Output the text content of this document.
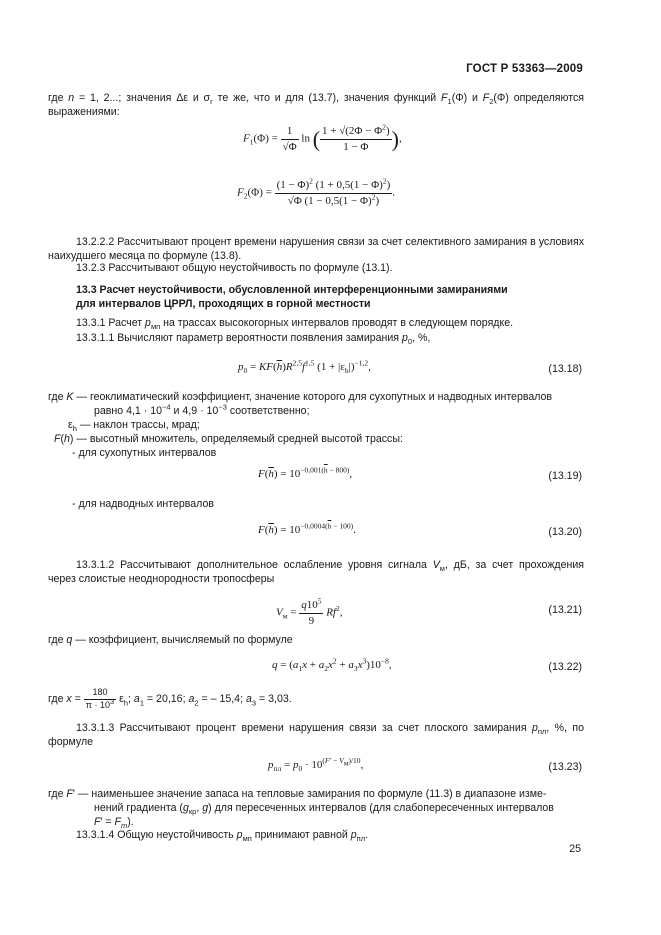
ГОСТ Р 53363—2009
где n = 1, 2...; значения Δε и $\sigma_г$ те же, что и для (13.7), значения функций $F_1(\Phi)$ и $F_2(\Phi)$ определяются выражениями:
$F_1(\Phi) = \frac{1}{√\Phi}$ ln ( $\frac{1 + √(2\Phi - \Phi^2)}{1 - \Phi}$ ),
$F_2(\Phi) = \frac{(1 - \Phi)^2 (1 + 0,5(1 - \Phi)^2)}{√\Phi (1 - 0,5(1 - \Phi)^2)}$ .
13.2.2.2 Рассчитывают процент времени нарушения связи за счет селективного замирания в условиях наихудшего месяца по формуле (13.8).
13.2.3 Рассчитывают общую неустойчивость по формуле (13.1).
13.3 Расчет неустойчивости, обусловленной интерференционными замираниями
для интервалов ЦРРЛ, проходящих в горной местности
13.3.1 Расчет $p_{мп}$ на трассах высокогорных интервалов проводят в следующем порядке.
13.3.1.1 Вычисляют параметр вероятности появления замирания $p_0$, %,
$p_0 = KF(\overline{h})R^{2,5}f^{1,5}$ $(1 + |\varepsilon_h|)^{-1,2}$,	(13.18)
где K — геоклиматический коэффициент, значение которого для сухопутных и надводных интервалов
равно $4,1 \cdot 10^{-4}$ и $4,9 \cdot 10^{-3}$ соответственно;
$\varepsilon_h$ — наклон трассы, мрад;
F(h) — высотный множитель, определяемый средней высотой трассы:
- для сухопутных интервалов
$F(\overline{h}) = 10^{-0,001(\overline{h} - 800)}$,	(13.19)
- для надводных интервалов
$F(\overline{h}) = 10^{-0,0004(\overline{h} - 100)}$.	(13.20)
13.3.1.2 Рассчитывают дополнительное ослабление уровня сигнала $V_м$, дБ, за счет прохождения через слоистые неоднородности тропосферы
$V_м = \frac{q10^5}{9} Rf^2$,	(13.21)
где q — коэффициент, вычисляемый по формуле
$q = (a_1x + a_2x^2 + a_3x^3)10^{-8}$,	(13.22)
где $x = \frac{180}{\pi \cdot 10^3} \varepsilon_h$; $a_1 = 20,16$; $a_2$ = – 15,4; $a_3 = 3,03$.
13.3.1.3 Рассчитывают процент времени нарушения связи за счет плоского замирания $p_{пл}$, %, по формуле
$p_{пл} = p_0 \cdot 10^{(F' - V_м)/10}$,	(13.23)
где F′ — наименьшее значение запаса на тепловые замирания по формуле (11.3) в диапазоне изме-
нений градиента ($g_{кр}$, g) для пересеченных интервалов (для слабопересеченных интервалов
$F' = F_m$).
13.3.1.4 Общую неустойчивость $p_{мп}$ принимают равной $p_{пл}$.
25
